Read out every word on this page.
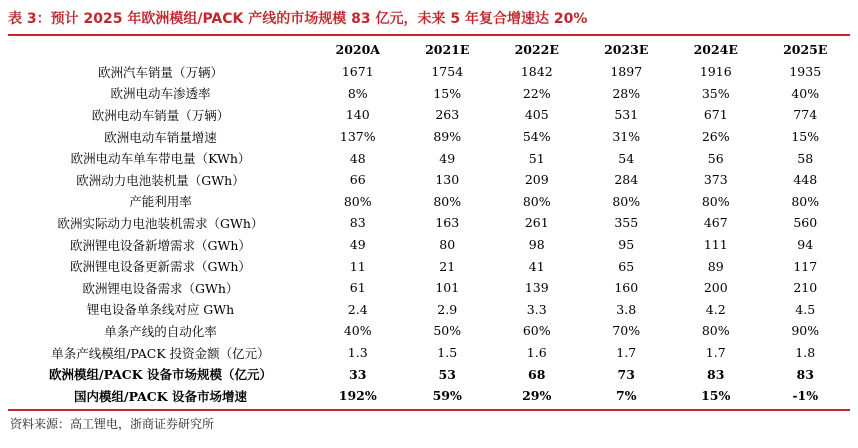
表 3：预计 2025 年欧洲模组/PACK 产线的市场规模 83 亿元，未来 5 年复合增速达 20%
	2020A	2021E	2022E	2023E	2024E	2025E
欧洲汽车销量（万辆）	1671	1754	1842	1897	1916	1935
欧洲电动车渗透率	8%	15%	22%	28%	35%	40%
欧洲电动车销量（万辆）	140	263	405	531	671	774
欧洲电动车销量增速	137%	89%	54%	31%	26%	15%
欧洲电动车单车带电量（KWh）	48	49	51	54	56	58
欧洲动力电池装机量（GWh）	66	130	209	284	373	448
产能利用率	80%	80%	80%	80%	80%	80%
欧洲实际动力电池装机需求（GWh）	83	163	261	355	467	560
欧洲锂电设备新增需求（GWh）	49	80	98	95	111	94
欧洲锂电设备更新需求（GWh）	11	21	41	65	89	117
欧洲锂电设备需求（GWh）	61	101	139	160	200	210
锂电设备单条线对应 GWh	2.4	2.9	3.3	3.8	4.2	4.5
单条产线的自动化率	40%	50%	60%	70%	80%	90%
单条产线模组/PACK 投资金额（亿元）	1.3	1.5	1.6	1.7	1.7	1.8
欧洲模组/PACK 设备市场规模（亿元）	33	53	68	73	83	83
国内模组/PACK 设备市场增速	192%	59%	29%	7%	15%	-1%
资料来源：高工锂电，浙商证券研究所
